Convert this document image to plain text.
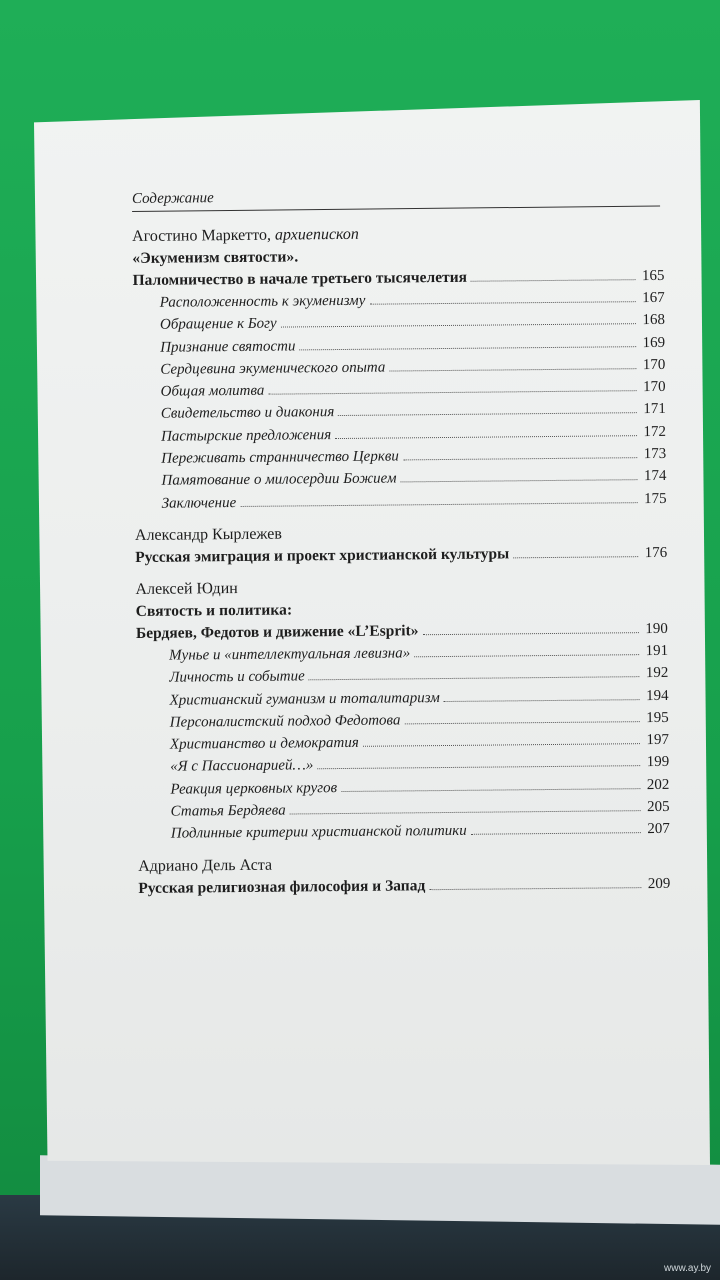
Содержание
Агостино Маркетто, архиепископ
«Экуменизм святости».
Паломничество в начале третьего тысячелетия	165
Расположенность к экуменизму	167
Обращение к Богу	168
Признание святости	169
Сердцевина экуменического опыта	170
Общая молитва	170
Свидетельство и диакония	171
Пастырские предложения	172
Переживать странничество Церкви	173
Памятование о милосердии Божием	174
Заключение	175
Александр Кырлежев
Русская эмиграция и проект христианской культуры	176
Алексей Юдин
Святость и политика:
Бердяев, Федотов и движение «L’Esprit»	190
Мунье и «интеллектуальная левизна»	191
Личность и событие	192
Христианский гуманизм и тоталитаризм	194
Персоналистский подход Федотова	195
Христианство и демократия	197
«Я с Пассионарией…»	199
Реакция церковных кругов	202
Статья Бердяева	205
Подлинные критерии христианской политики	207
Адриано Дель Аста
Русская религиозная философия и Запад	209
www.ay.by
